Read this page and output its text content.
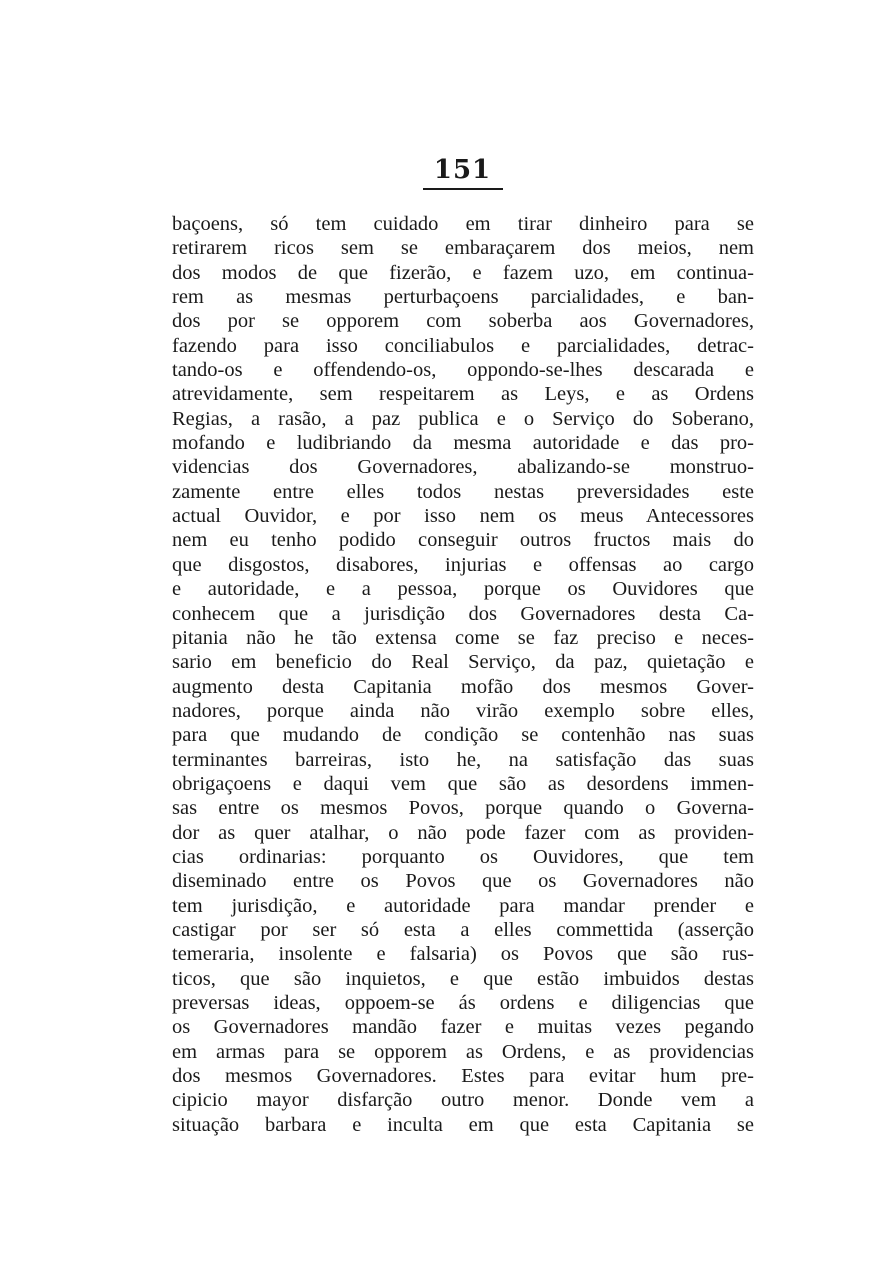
151
baçoens, só tem cuidado em tirar dinheiro para se
retirarem ricos sem se embaraçarem dos meios, nem
dos modos de que fizerão, e fazem uzo, em continua-
rem as mesmas perturbaçoens parcialidades, e ban-
dos por se opporem com soberba aos Governadores,
fazendo para isso conciliabulos e parcialidades, detrac-
tando-os e offendendo-os, oppondo-se-lhes descarada e
atrevidamente, sem respeitarem as Leys, e as Ordens
Regias, a rasão, a paz publica e o Serviço do Soberano,
mofando e ludibriando da mesma autoridade e das pro-
videncias dos Governadores, abalizando-se monstruo-
zamente entre elles todos nestas preversidades este
actual Ouvidor, e por isso nem os meus Antecessores
nem eu tenho podido conseguir outros fructos mais do
que disgostos, disabores, injurias e offensas ao cargo
e autoridade, e a pessoa, porque os Ouvidores que
conhecem que a jurisdição dos Governadores desta Ca-
pitania não he tão extensa come se faz preciso e neces-
sario em beneficio do Real Serviço, da paz, quietação e
augmento desta Capitania mofão dos mesmos Gover-
nadores, porque ainda não virão exemplo sobre elles,
para que mudando de condição se contenhão nas suas
terminantes barreiras, isto he, na satisfação das suas
obrigaçoens e daqui vem que são as desordens immen-
sas entre os mesmos Povos, porque quando o Governa-
dor as quer atalhar, o não pode fazer com as providen-
cias ordinarias: porquanto os Ouvidores, que tem
diseminado entre os Povos que os Governadores não
tem jurisdição, e autoridade para mandar prender e
castigar por ser só esta a elles commettida (asserção
temeraria, insolente e falsaria) os Povos que são rus-
ticos, que são inquietos, e que estão imbuidos destas
preversas ideas, oppoem-se ás ordens e diligencias que
os Governadores mandão fazer e muitas vezes pegando
em armas para se opporem as Ordens, e as providencias
dos mesmos Governadores. Estes para evitar hum pre-
cipicio mayor disfarção outro menor. Donde vem a
situação barbara e inculta em que esta Capitania se
